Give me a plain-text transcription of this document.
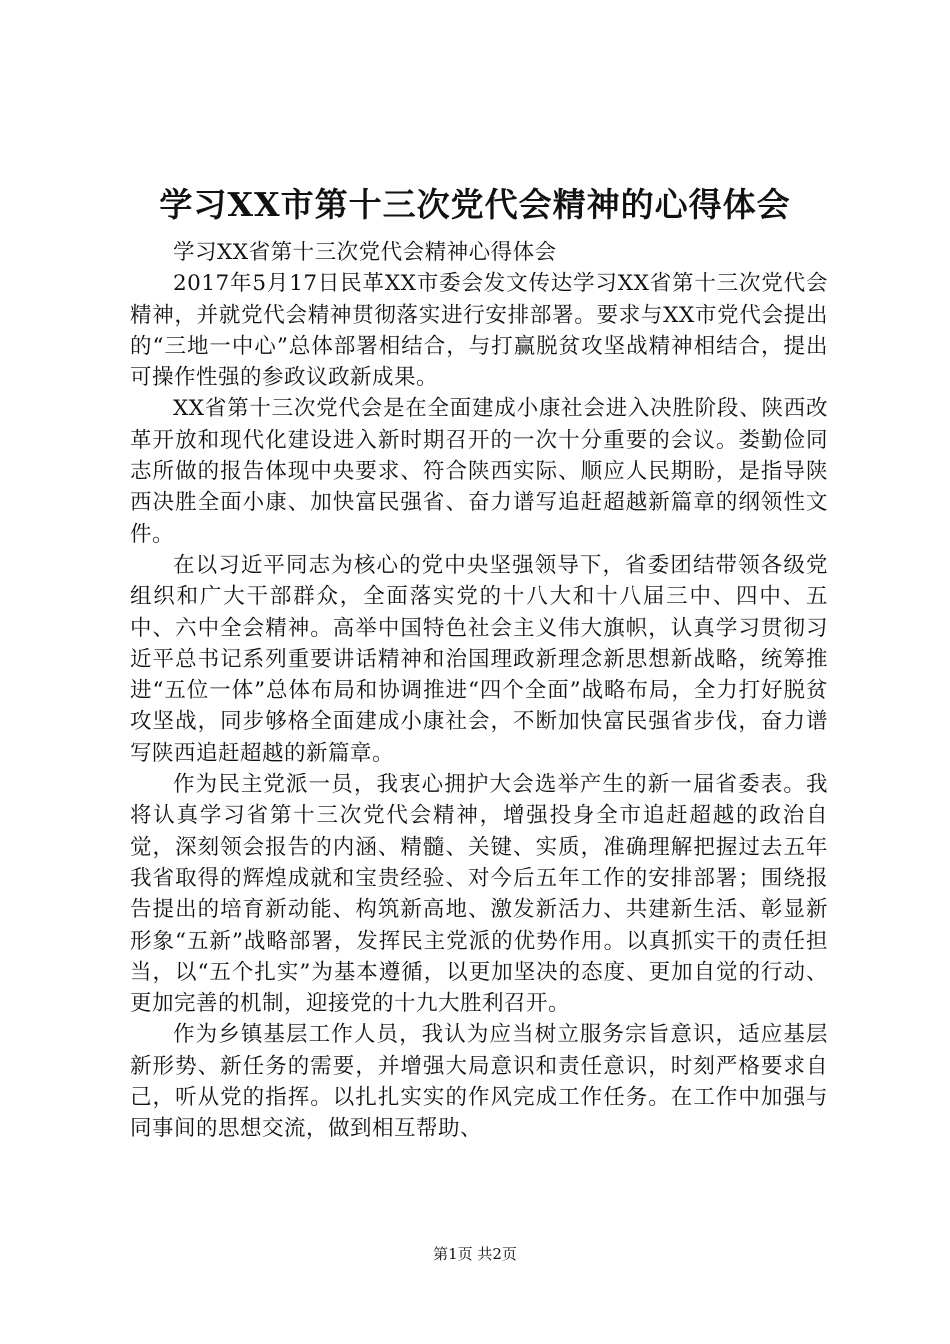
学习XX市第十三次党代会精神的心得体会

学习XX省第十三次党代会精神心得体会

2017年5月17日民革XX市委会发文传达学习XX省第十三次党代会精神，并就党代会精神贯彻落实进行安排部署。要求与XX市党代会提出的“三地一中心”总体部署相结合，与打赢脱贫攻坚战精神相结合，提出可操作性强的参政议政新成果。

XX省第十三次党代会是在全面建成小康社会进入决胜阶段、陕西改革开放和现代化建设进入新时期召开的一次十分重要的会议。娄勤俭同志所做的报告体现中央要求、符合陕西实际、顺应人民期盼，是指导陕西决胜全面小康、加快富民强省、奋力谱写追赶超越新篇章的纲领性文件。

在以习近平同志为核心的党中央坚强领导下，省委团结带领各级党组织和广大干部群众，全面落实党的十八大和十八届三中、四中、五中、六中全会精神。高举中国特色社会主义伟大旗帜，认真学习贯彻习近平总书记系列重要讲话精神和治国理政新理念新思想新战略，统筹推进“五位一体”总体布局和协调推进“四个全面”战略布局，全力打好脱贫攻坚战，同步够格全面建成小康社会，不断加快富民强省步伐，奋力谱写陕西追赶超越的新篇章。

作为民主党派一员，我衷心拥护大会选举产生的新一届省委表。我将认真学习省第十三次党代会精神，增强投身全市追赶超越的政治自觉，深刻领会报告的内涵、精髓、关键、实质，准确理解把握过去五年我省取得的辉煌成就和宝贵经验、对今后五年工作的安排部署；围绕报告提出的培育新动能、构筑新高地、激发新活力、共建新生活、彰显新形象“五新”战略部署，发挥民主党派的优势作用。以真抓实干的责任担当，以“五个扎实”为基本遵循，以更加坚决的态度、更加自觉的行动、更加完善的机制，迎接党的十九大胜利召开。

作为乡镇基层工作人员，我认为应当树立服务宗旨意识，适应基层新形势、新任务的需要，并增强大局意识和责任意识，时刻严格要求自己，听从党的指挥。以扎扎实实的作风完成工作任务。在工作中加强与同事间的思想交流，做到相互帮助、

第1页 共2页
